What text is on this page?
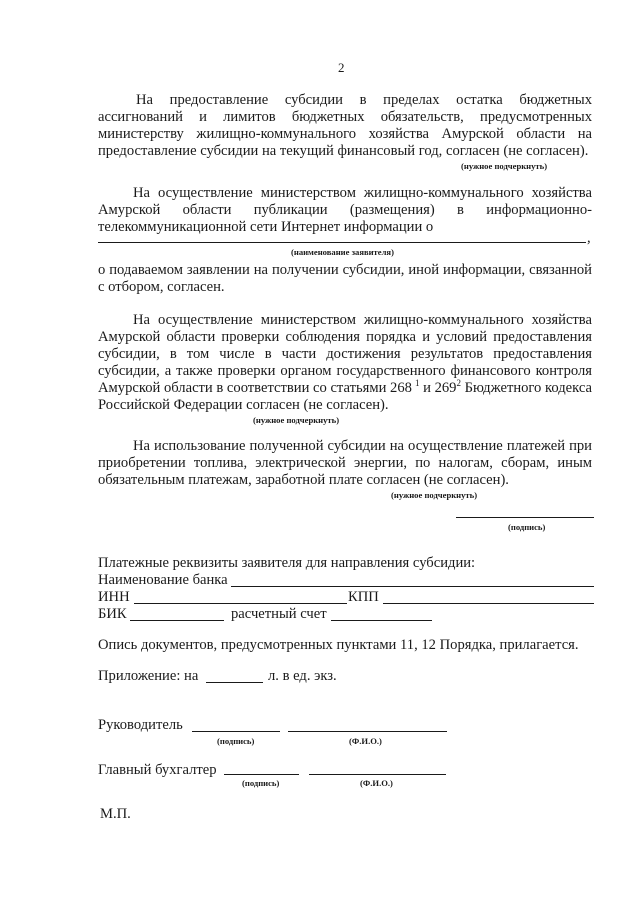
2
На предоставление субсидии в пределах остатка бюджетных
ассигнований и лимитов бюджетных обязательств, предусмотренных
министерству жилищно-коммунального хозяйства Амурской области на
предоставление субсидии на текущий финансовый год, согласен (не согласен).
(нужное подчеркнуть)
На осуществление министерством жилищно-коммунального хозяйства
Амурской области публикации (размещения) в информационно-
телекоммуникационной сети Интернет информации о
,
(наименование заявителя)
о подаваемом заявлении на получении субсидии, иной информации, связанной
с отбором, согласен.
На осуществление министерством жилищно-коммунального хозяйства
Амурской области проверки соблюдения порядка и условий предоставления
субсидии, в том числе в части достижения результатов предоставления
субсидии, а также проверки органом государственного финансового контроля
Амурской области в соответствии со статьями 268 $^1$ и $269^2$ Бюджетного кодекса
Российской Федерации согласен (не согласен).
(нужное подчеркнуть)
На использование полученной субсидии на осуществление платежей при
приобретении топлива, электрической энергии, по налогам, сборам, иным
обязательным платежам, заработной плате согласен (не согласен).
(нужное подчеркнуть)
(подпись)
Платежные реквизиты заявителя для направления субсидии:
Наименование банка
ИНН	КПП
БИК	расчетный счет
Опись документов, предусмотренных пунктами 11, 12 Порядка, прилагается.
Приложение: на	л. в ед. экз.
Руководитель
(подпись)	(Ф.И.О.)
Главный бухгалтер
(подпись)	(Ф.И.О.)
М.П.
